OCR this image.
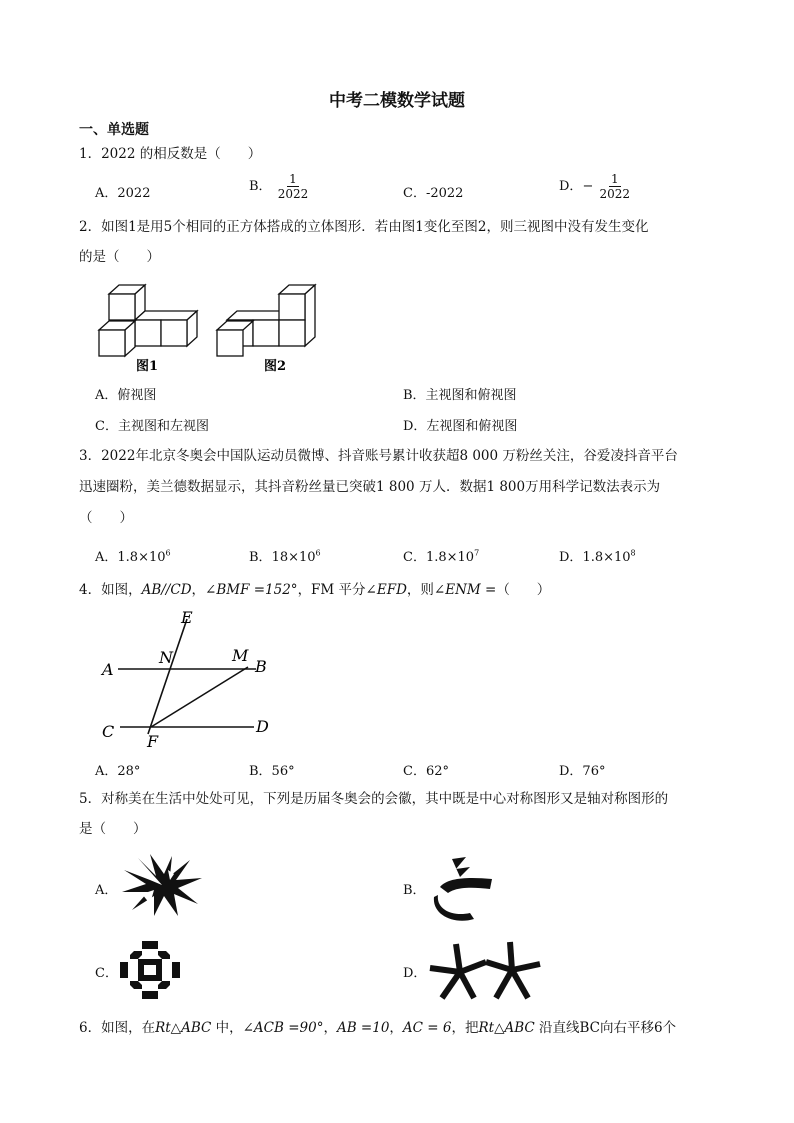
中考二模数学试题
一、单选题
1．2022 的相反数是（　　）
A．2022	B． $\frac{1}{2022}$	C．-2022	D．− $\frac{1}{2022}$
2．如图1是用5个相同的正方体搭成的立体图形．若由图1变化至图2，则三视图中没有发生变化
的是（　　）
图1	图2
A．俯视图	B．主视图和俯视图
C．主视图和左视图	D．左视图和俯视图
3．2022年北京冬奥会中国队运动员微博、抖音账号累计收获超8 000 万粉丝关注，谷爱凌抖音平台
迅速圈粉，美兰德数据显示，其抖音粉丝量已突破1 800 万人．数据1 800万用科学记数法表示为
（　　）
A．$1.8\times 10^6$	B．$18\times 10^6$	C．$1.8\times 10^7$	D．$1.8\times 10^8$
4．如图，AB//CD，∠BMF =152°，FM 平分∠EFD，则∠ENM =（　　）
E
N	M
A	B
C
F
D
A．28°	B．56°	C．62°	D．76°
5．对称美在生活中处处可见，下列是历届冬奥会的会徽，其中既是中心对称图形又是轴对称图形的
是（　　）
A．	B．
C．	D．
6．如图，在Rt△ABC 中，∠ACB =90°，AB =10，AC = 6，把Rt△ABC 沿直线BC向右平移6个
